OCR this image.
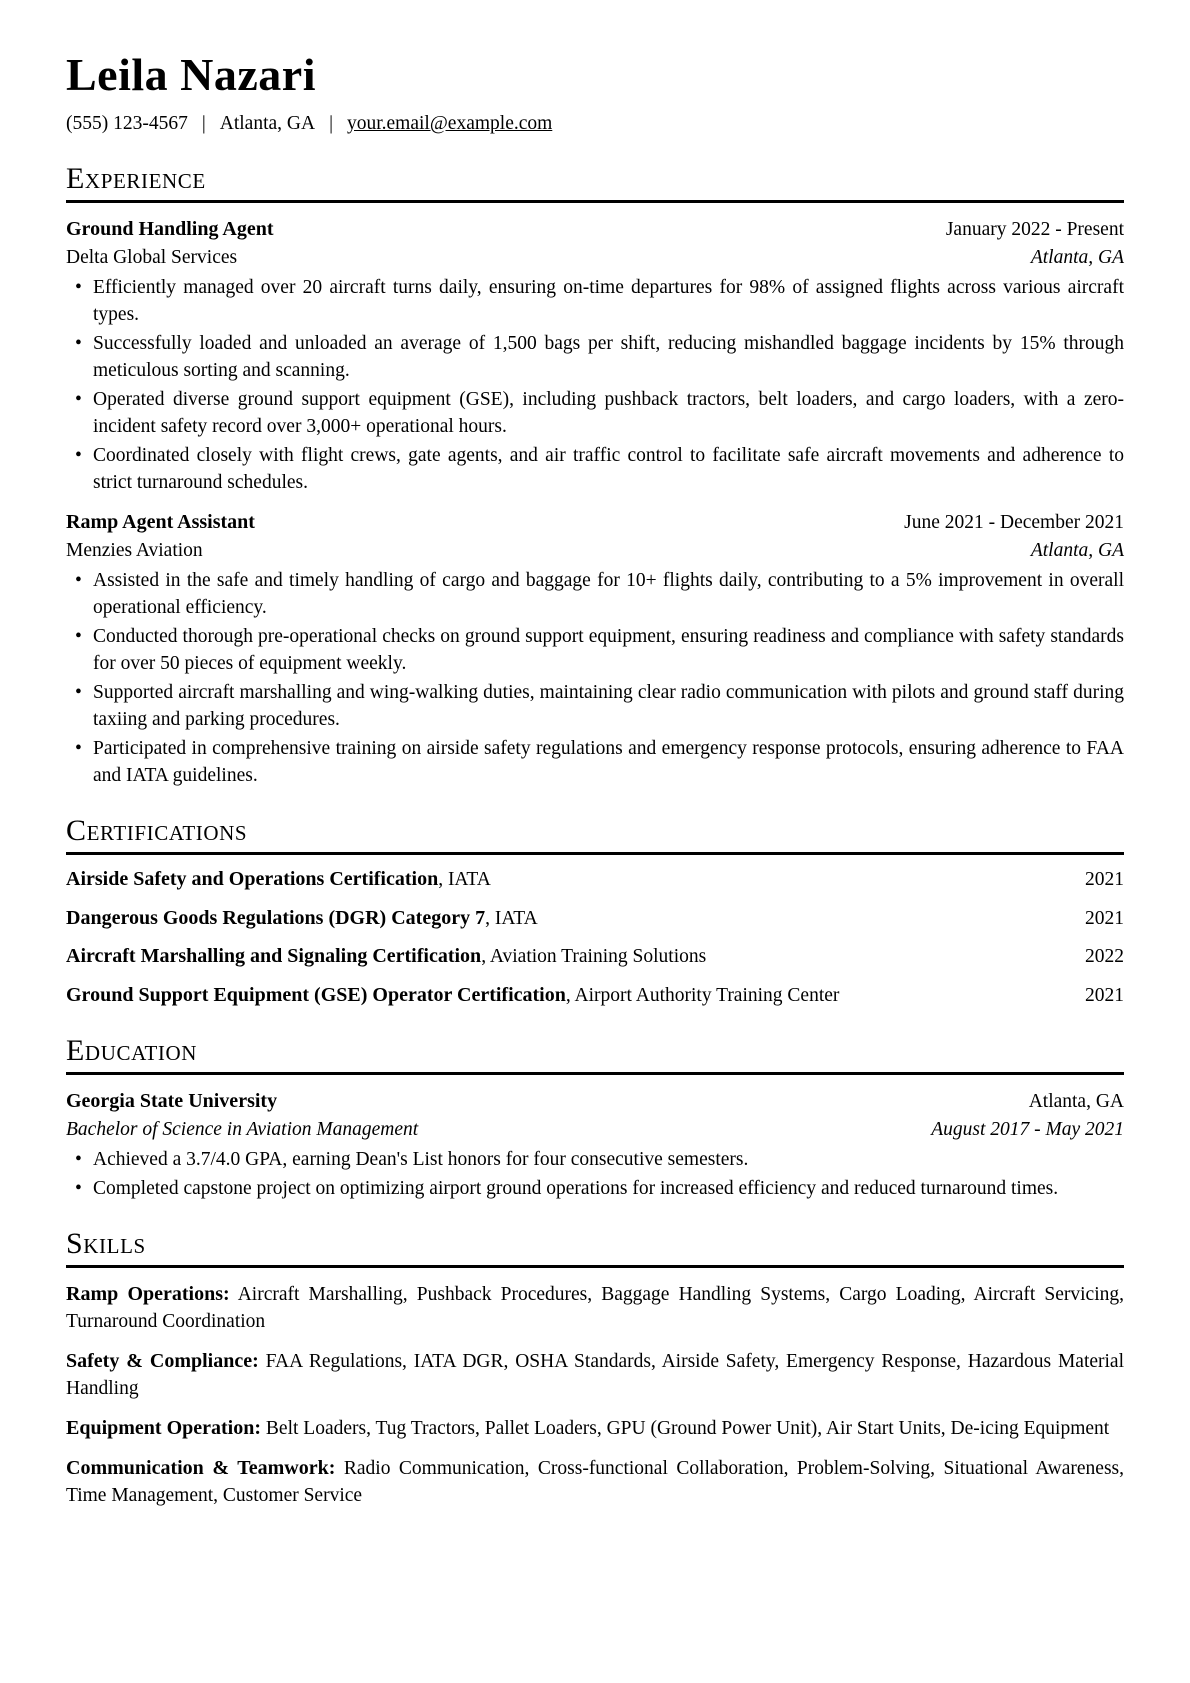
Leila Nazari
(555) 123-4567 | Atlanta, GA | your.email@example.com
Experience
Ground Handling Agent	January 2022 - Present
Delta Global Services	Atlanta, GA
• Efficiently managed over 20 aircraft turns daily, ensuring on-time departures for 98% of assigned flights across various aircraft types.
• Successfully loaded and unloaded an average of 1,500 bags per shift, reducing mishandled baggage incidents by 15% through meticulous sorting and scanning.
• Operated diverse ground support equipment (GSE), including pushback tractors, belt loaders, and cargo loaders, with a zero-incident safety record over 3,000+ operational hours.
• Coordinated closely with flight crews, gate agents, and air traffic control to facilitate safe aircraft movements and adherence to strict turnaround schedules.
Ramp Agent Assistant	June 2021 - December 2021
Menzies Aviation	Atlanta, GA
• Assisted in the safe and timely handling of cargo and baggage for 10+ flights daily, contributing to a 5% improvement in overall operational efficiency.
• Conducted thorough pre-operational checks on ground support equipment, ensuring readiness and compliance with safety standards for over 50 pieces of equipment weekly.
• Supported aircraft marshalling and wing-walking duties, maintaining clear radio communication with pilots and ground staff during taxiing and parking procedures.
• Participated in comprehensive training on airside safety regulations and emergency response protocols, ensuring adherence to FAA and IATA guidelines.
Certifications
Airside Safety and Operations Certification, IATA	2021
Dangerous Goods Regulations (DGR) Category 7, IATA	2021
Aircraft Marshalling and Signaling Certification, Aviation Training Solutions	2022
Ground Support Equipment (GSE) Operator Certification, Airport Authority Training Center	2021
Education
Georgia State University	Atlanta, GA
Bachelor of Science in Aviation Management	August 2017 - May 2021
• Achieved a 3.7/4.0 GPA, earning Dean's List honors for four consecutive semesters.
• Completed capstone project on optimizing airport ground operations for increased efficiency and reduced turnaround times.
Skills

Ramp Operations: Aircraft Marshalling, Pushback Procedures, Baggage Handling Systems, Cargo Loading, Aircraft Servicing, Turnaround Coordination

Safety & Compliance: FAA Regulations, IATA DGR, OSHA Standards, Airside Safety, Emergency Response, Hazardous Material Handling

Equipment Operation: Belt Loaders, Tug Tractors, Pallet Loaders, GPU (Ground Power Unit), Air Start Units, De-icing Equipment

Communication & Teamwork: Radio Communication, Cross-functional Collaboration, Problem-Solving, Situational Awareness, Time Management, Customer Service
